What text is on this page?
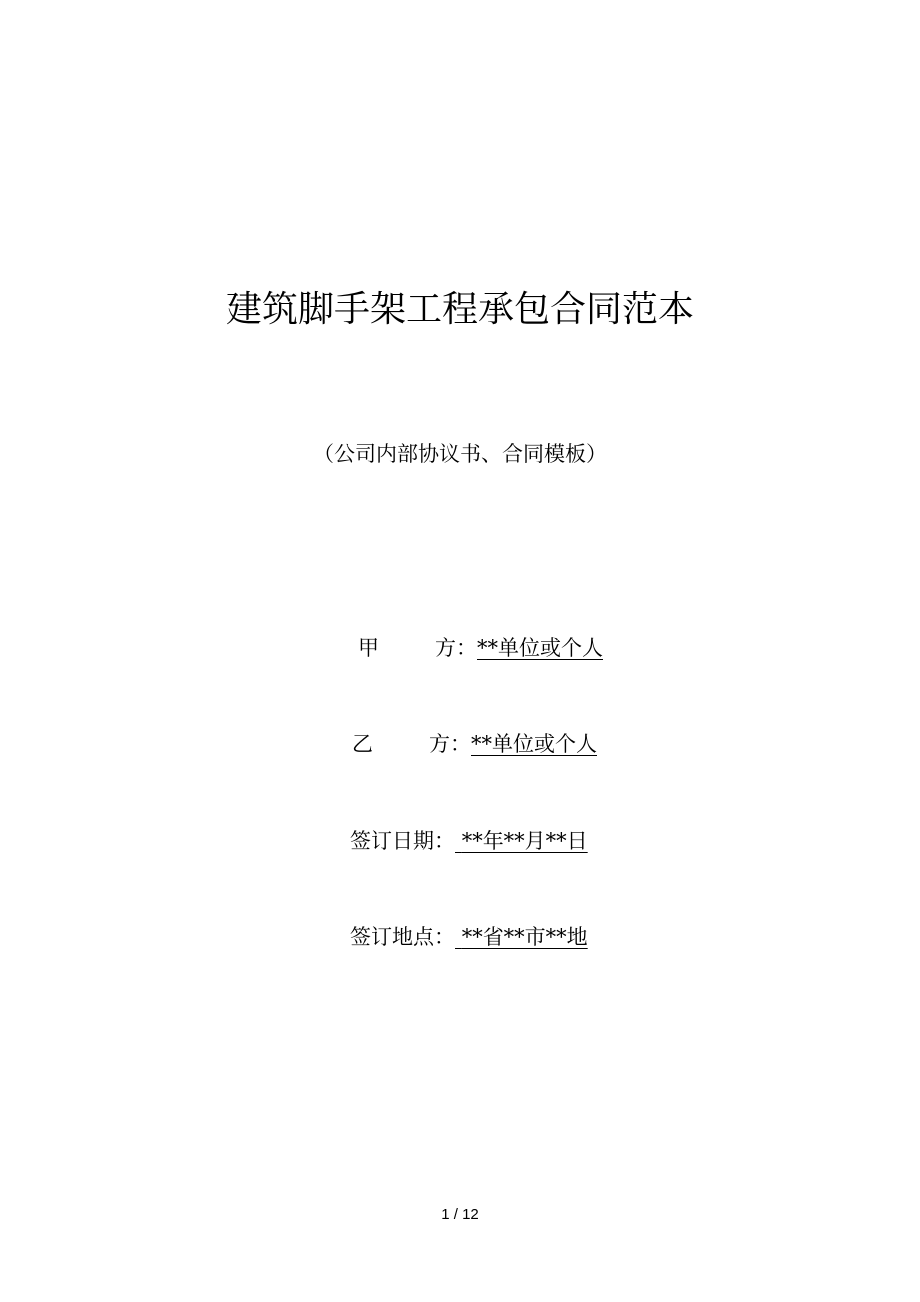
建筑脚手架工程承包合同范本
（公司内部协议书、合同模板）
甲	方：**单位或个人
乙	方：**单位或个人
签订日期： **年**月**日
签订地点： **省**市**地
1 / 12
